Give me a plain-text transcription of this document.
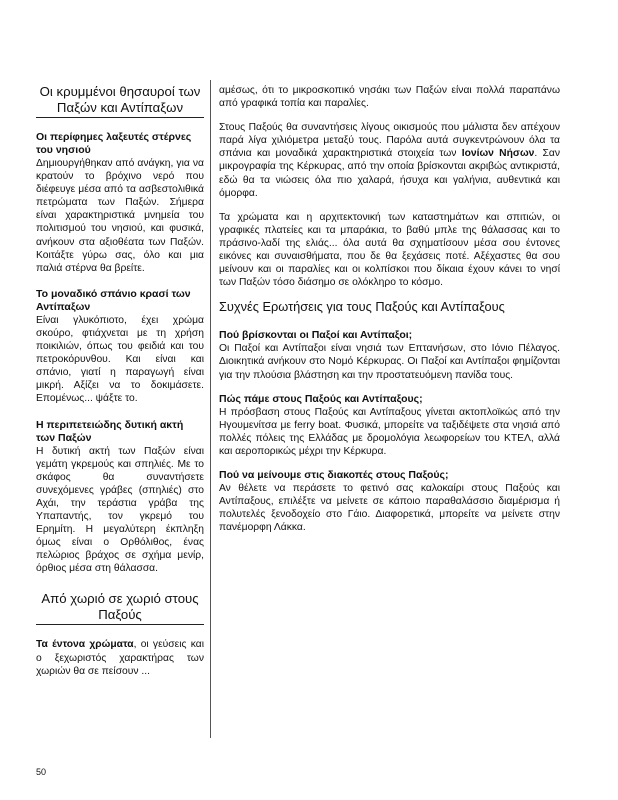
Οι κρυμμένοι θησαυροί των Παξών και Αντίπαξων
Οι περίφημες λαξευτές στέρνες του νησιού

Δημιουργήθηκαν από ανάγκη, για να κρατούν το βρόχινο νερό που διέφευγε μέσα από τα ασβεστολιθικά πετρώματα των Παξών. Σήμερα είναι χαρακτηριστικά μνημεία του πολιτισμού του νησιού, και φυσικά, ανήκουν στα αξιοθέατα των Παξών. Κοιτάξτε γύρω σας, όλο και μια παλιά στέρνα θα βρείτε.

Το μοναδικό σπάνιο κρασί των Αντίπαξων

Είναι γλυκόπιοτο, έχει χρώμα σκούρο, φτιάχνεται με τη χρήση ποικιλιών, όπως του φειδιά και του πετροκόρυνθου. Και είναι και σπάνιο, γιατί η παραγωγή είναι μικρή. Αξίζει να το δοκιμάσετε. Επομένως... ψάξτε το.

Η περιπετειώδης δυτική ακτή των Παξών

Η δυτική ακτή των Παξών είναι γεμάτη γκρεμούς και σπηλιές. Με το σκάφος θα συναντήσετε συνεχόμενες γράβες (σπηλιές) στο Αχάι, την τεράστια γράβα της Υπαπαντής, τον γκρεμό του Ερημίτη. Η μεγαλύτερη έκπληξη όμως είναι ο Ορθόλιθος, ένας πελώριος βράχος σε σχήμα μενίρ, όρθιος μέσα στη θάλασσα.

Από χωριό σε χωριό στους Παξούς

Τα έντονα χρώματα, οι γεύσεις και ο ξεχωριστός χαρακτήρας των χωριών θα σε πείσουν ...

αμέσως, ότι το μικροσκοπικό νησάκι των Παξών είναι πολλά παραπάνω από γραφικά τοπία και παραλίες.

Στους Παξούς θα συναντήσεις λίγους οικισμούς που μάλιστα δεν απέχουν παρά λίγα χιλιόμετρα μεταξύ τους. Παρόλα αυτά συγκεντρώνουν όλα τα σπάνια και μοναδικά χαρακτηριστικά στοιχεία των Ιονίων Νήσων. Σαν μικρογραφία της Κέρκυρας, από την οποία βρίσκονται ακριβώς αντικριστά, εδώ θα τα νιώσεις όλα πιο χαλαρά, ήσυχα και γαλήνια, αυθεντικά και όμορφα.

Τα χρώματα και η αρχιτεκτονική των καταστημάτων και σπιτιών, οι γραφικές πλατείες και τα μπαράκια, το βαθύ μπλε της θάλασσας και το πράσινο-λαδί της ελιάς... όλα αυτά θα σχηματίσουν μέσα σου έντονες εικόνες και συναισθήματα, που δε θα ξεχάσεις ποτέ. Αξέχαστες θα σου μείνουν και οι παραλίες και οι κολπίσκοι που δίκαια έχουν κάνει το νησί των Παξών τόσο διάσημο σε ολόκληρο το κόσμο.

Συχνές Ερωτήσεις για τους Παξούς και Αντίπαξους
Πού βρίσκονται οι Παξοί και Αντίπαξοι;

Οι Παξοί και Αντίπαξοι είναι νησιά των Επτανήσων, στο Ιόνιο Πέλαγος. Διοικητικά ανήκουν στο Νομό Κέρκυρας. Οι Παξοί και Αντίπαξοι φημίζονται για την πλούσια βλάστηση και την προστατευόμενη πανίδα τους.

Πώς πάμε στους Παξούς και Αντίπαξους;

Η πρόσβαση στους Παξούς και Αντίπαξους γίνεται ακτοπλοϊκώς από την Ηγουμενίτσα με ferry boat. Φυσικά, μπορείτε να ταξιδέψετε στα νησιά από πολλές πόλεις της Ελλάδας με δρομολόγια λεωφορείων του ΚΤΕΛ, αλλά και αεροπορικώς μέχρι την Κέρκυρα.

Πού να μείνουμε στις διακοπές στους Παξούς;

Αν θέλετε να περάσετε το φετινό σας καλοκαίρι στους Παξούς και Αντίπαξους, επιλέξτε να μείνετε σε κάποιο παραθαλάσσιο διαμέρισμα ή πολυτελές ξενοδοχείο στο Γάιο. Διαφορετικά, μπορείτε να μείνετε στην πανέμορφη Λάκκα.

50
